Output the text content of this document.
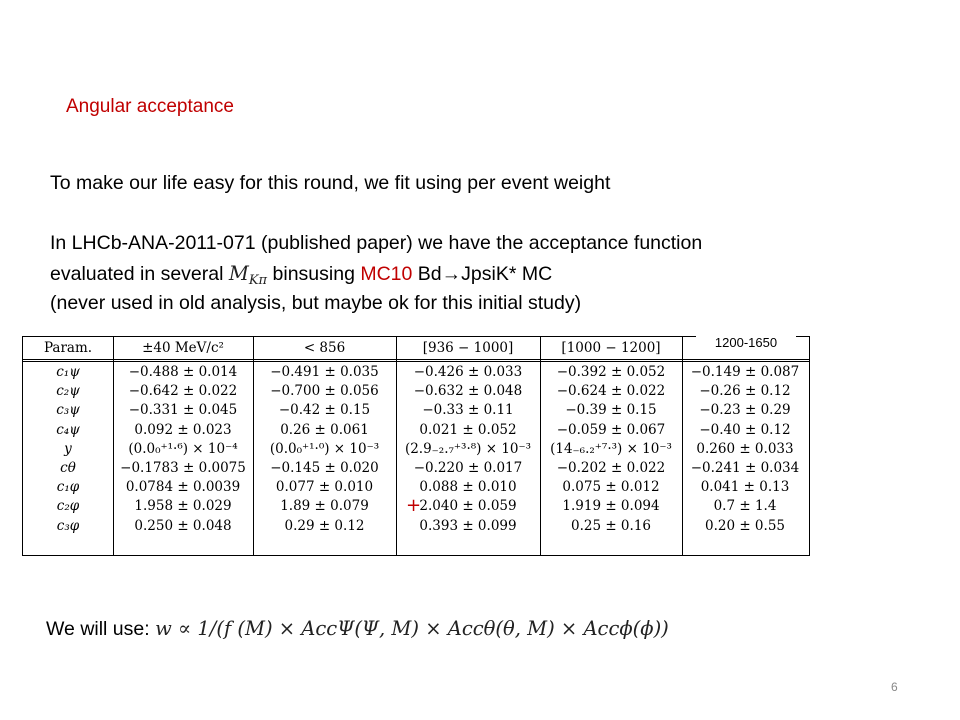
Angular acceptance
To make our life easy for this round, we fit using per event weight
In LHCb-ANA-2011-071 (published paper) we have the acceptance function
evaluated in several $M_{K\pi}$ binsusing MC10 Bd→JpsiK* MC
(never used in old analysis, but maybe ok for this initial study)
Param.
c₁ψ
c₂ψ
c₃ψ
c₄ψ
y
cθ
c₁φ
c₂φ
c₃φ
±40 MeV/c²
−0.488 ± 0.014
−0.642 ± 0.022
−0.331 ± 0.045
0.092 ± 0.023
(0.0₀⁺¹·⁶) × 10⁻⁴
−0.1783 ± 0.0075
0.0784 ± 0.0039
1.958 ± 0.029
0.250 ± 0.048
< 856
−0.491 ± 0.035
−0.700 ± 0.056
−0.42 ± 0.15
0.26 ± 0.061
(0.0₀⁺¹·⁰) × 10⁻³
−0.145 ± 0.020
0.077 ± 0.010
1.89 ± 0.079
0.29 ± 0.12
[936 − 1000]
−0.426 ± 0.033
−0.632 ± 0.048
−0.33 ± 0.11
0.021 ± 0.052
(2.9₋₂.₇⁺³·⁸) × 10⁻³
−0.220 ± 0.017
0.088 ± 0.010
2.040 ± 0.059
0.393 ± 0.099
[1000 − 1200]
−0.392 ± 0.052
−0.624 ± 0.022
−0.39 ± 0.15
−0.059 ± 0.067
(14₋₆.₂⁺⁷·³) × 10⁻³
−0.202 ± 0.022
0.075 ± 0.012
1.919 ± 0.094
0.25 ± 0.16
−0.149 ± 0.087
−0.26 ± 0.12
−0.23 ± 0.29
−0.40 ± 0.12
0.260 ± 0.033
−0.241 ± 0.034
0.041 ± 0.13
0.7 ± 1.4
0.20 ± 0.55
1200-1650
+
We will use: w ∝ 1/(f (M) × AccΨ(Ψ, M) × Accθ(θ, M) × Accϕ(ϕ))
6
